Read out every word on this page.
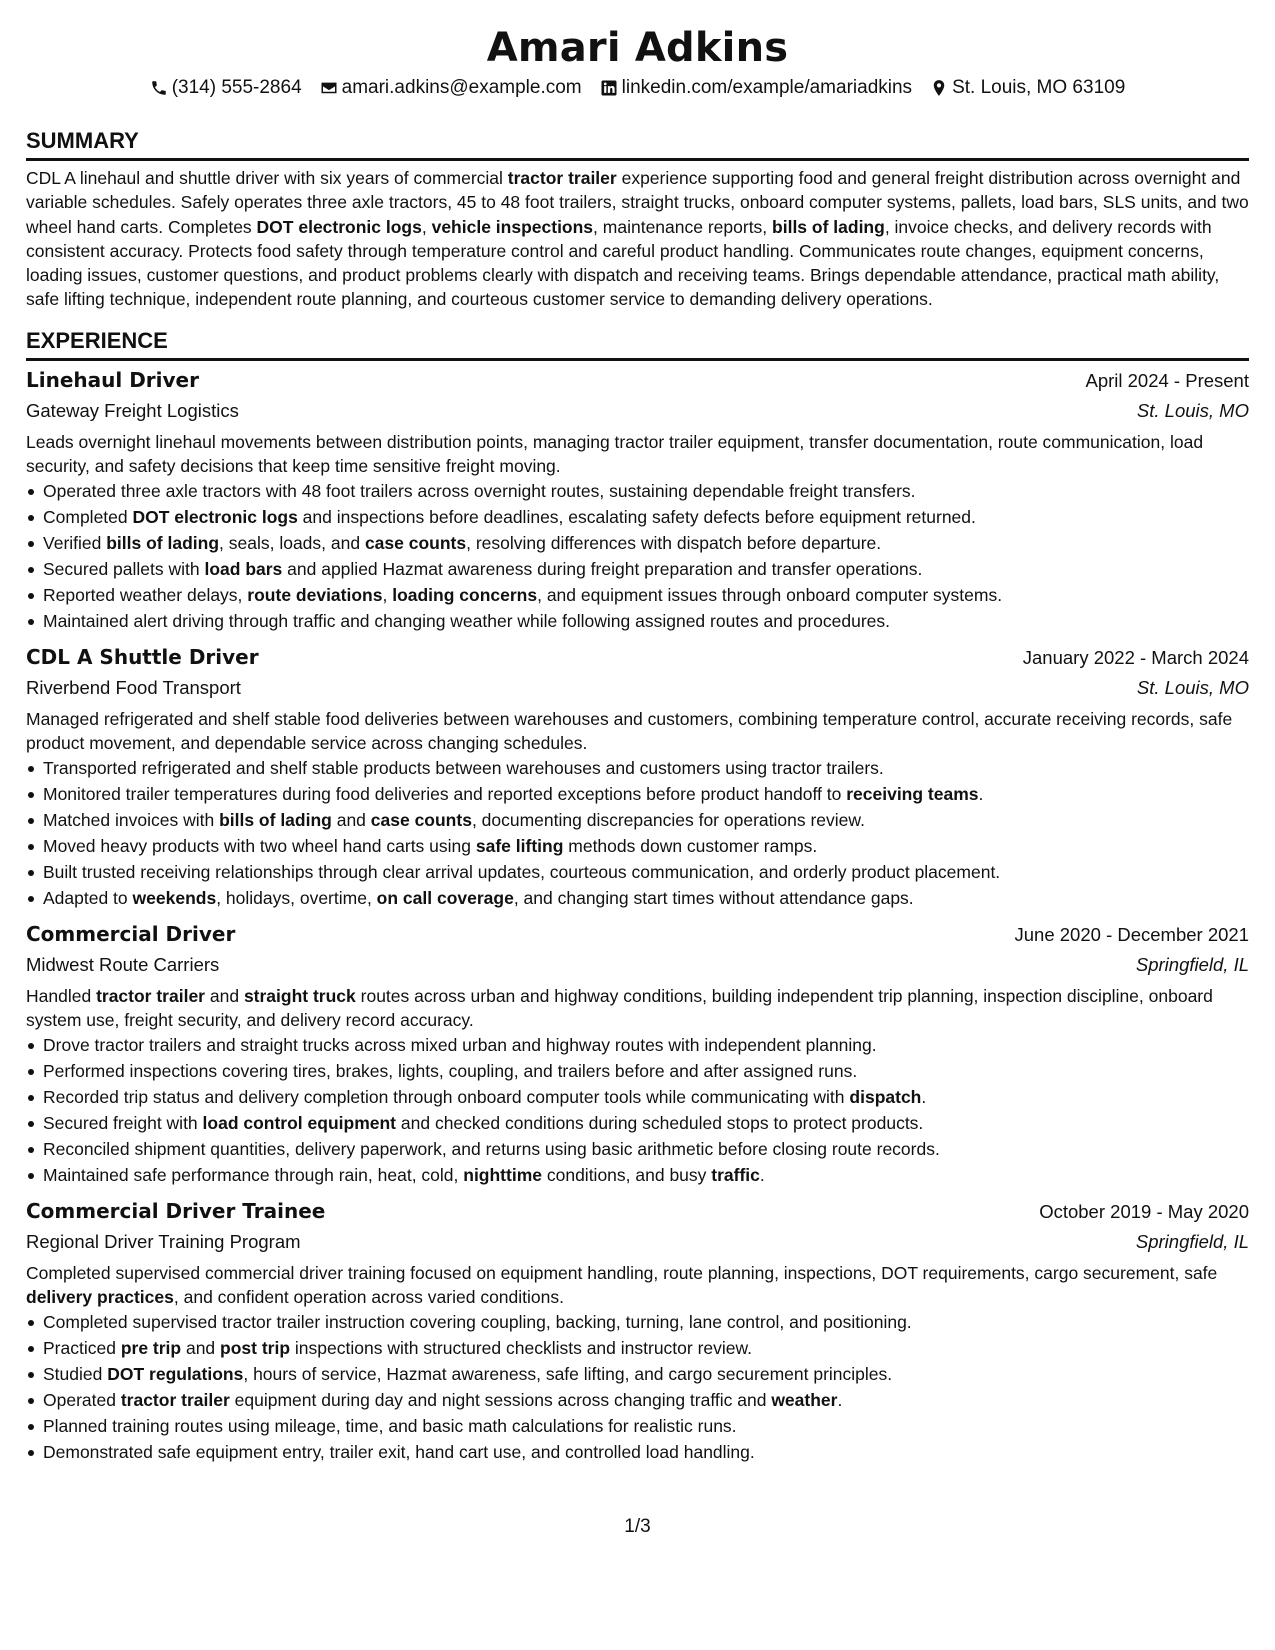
Amari Adkins
(314) 555-2864 amari.adkins@example.com linkedin.com/example/amariadkins St. Louis, MO 63109
SUMMARY

CDL A linehaul and shuttle driver with six years of commercial tractor trailer experience supporting food and general freight distribution across overnight and variable schedules. Safely operates three axle tractors, 45 to 48 foot trailers, straight trucks, onboard computer systems, pallets, load bars, SLS units, and two wheel hand carts. Completes DOT electronic logs, vehicle inspections, maintenance reports, bills of lading, invoice checks, and delivery records with consistent accuracy. Protects food safety through temperature control and careful product handling. Communicates route changes, equipment concerns, loading issues, customer questions, and product problems clearly with dispatch and receiving teams. Brings dependable attendance, practical math ability, safe lifting technique, independent route planning, and courteous customer service to demanding delivery operations.

EXPERIENCE
Linehaul Driver	April 2024 - Present
Gateway Freight Logistics	St. Louis, MO

Leads overnight linehaul movements between distribution points, managing tractor trailer equipment, transfer documentation, route communication, load security, and safety decisions that keep time sensitive freight moving.

Operated three axle tractors with 48 foot trailers across overnight routes, sustaining dependable freight transfers.
Completed DOT electronic logs and inspections before deadlines, escalating safety defects before equipment returned.
Verified bills of lading, seals, loads, and case counts, resolving differences with dispatch before departure.
Secured pallets with load bars and applied Hazmat awareness during freight preparation and transfer operations.
Reported weather delays, route deviations, loading concerns, and equipment issues through onboard computer systems.
Maintained alert driving through traffic and changing weather while following assigned routes and procedures.
CDL A Shuttle Driver	January 2022 - March 2024
Riverbend Food Transport	St. Louis, MO

Managed refrigerated and shelf stable food deliveries between warehouses and customers, combining temperature control, accurate receiving records, safe product movement, and dependable service across changing schedules.

Transported refrigerated and shelf stable products between warehouses and customers using tractor trailers.
Monitored trailer temperatures during food deliveries and reported exceptions before product handoff to receiving teams.
Matched invoices with bills of lading and case counts, documenting discrepancies for operations review.
Moved heavy products with two wheel hand carts using safe lifting methods down customer ramps.
Built trusted receiving relationships through clear arrival updates, courteous communication, and orderly product placement.
Adapted to weekends, holidays, overtime, on call coverage, and changing start times without attendance gaps.
Commercial Driver	June 2020 - December 2021
Midwest Route Carriers	Springfield, IL

Handled tractor trailer and straight truck routes across urban and highway conditions, building independent trip planning, inspection discipline, onboard system use, freight security, and delivery record accuracy.

Drove tractor trailers and straight trucks across mixed urban and highway routes with independent planning.
Performed inspections covering tires, brakes, lights, coupling, and trailers before and after assigned runs.
Recorded trip status and delivery completion through onboard computer tools while communicating with dispatch.
Secured freight with load control equipment and checked conditions during scheduled stops to protect products.
Reconciled shipment quantities, delivery paperwork, and returns using basic arithmetic before closing route records.
Maintained safe performance through rain, heat, cold, nighttime conditions, and busy traffic.
Commercial Driver Trainee	October 2019 - May 2020
Regional Driver Training Program	Springfield, IL

Completed supervised commercial driver training focused on equipment handling, route planning, inspections, DOT requirements, cargo securement, safe delivery practices, and confident operation across varied conditions.

Completed supervised tractor trailer instruction covering coupling, backing, turning, lane control, and positioning.
Practiced pre trip and post trip inspections with structured checklists and instructor review.
Studied DOT regulations, hours of service, Hazmat awareness, safe lifting, and cargo securement principles.
Operated tractor trailer equipment during day and night sessions across changing traffic and weather.
Planned training routes using mileage, time, and basic math calculations for realistic runs.
Demonstrated safe equipment entry, trailer exit, hand cart use, and controlled load handling.
1/3
